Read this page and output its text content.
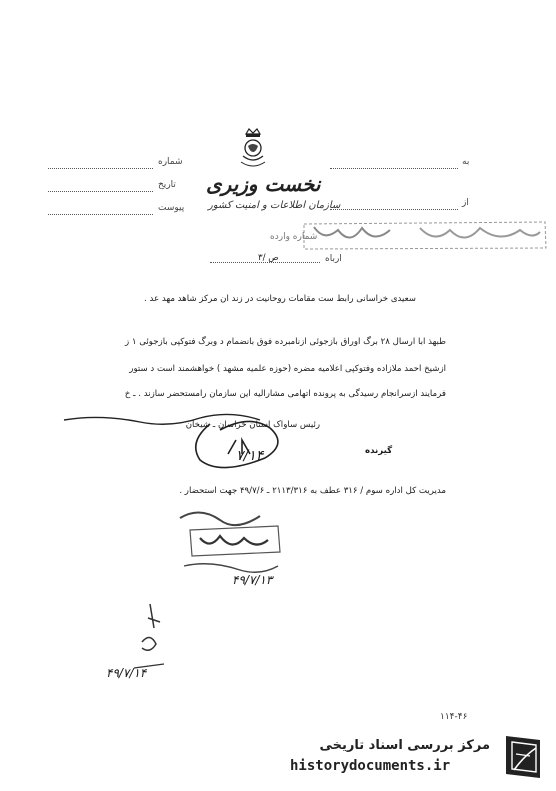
شماره
تاریخ
پیوست
به
از
نخست وزیری
سازمان اطلاعات و امنیت کشور
شماره وارده
ص /۳	ارباه
سعیدی خراسانی رابط ست مقامات روحانیت در زند ان مرکز شاهد مهد عد .
طبهذ ابا ارسال ۲۸ برگ اوراق بازجوئی ازنامبرده فوق بانضمام د وبرگ فتوکپی بازجوئی ۱ ز
ازشیخ احمد ملازاده وفتوکپی اعلامیه مضره (حوزه علمیه مشهد ) خواهشمند است د ستور
فرمایند ازسرانجام رسیدگی به پرونده اتهامی مشارالیه این سازمان رامستحضر سازند . ـ خ
رئیس ساواک استان خراسان ـ شیخان
۷/۱۴	گیرنده
مدیریت کل اداره سوم / ۳۱۶ عطف به ۲۱۱۳/۳۱۶ ـ ۴۹/۷/۶ جهت استحضار .
۴۹/۷/۱۳
۴۹/۷/۱۴
۱۱۴-۴۶
مرکز بررسی اسناد تاریخی
historydocuments.ir
